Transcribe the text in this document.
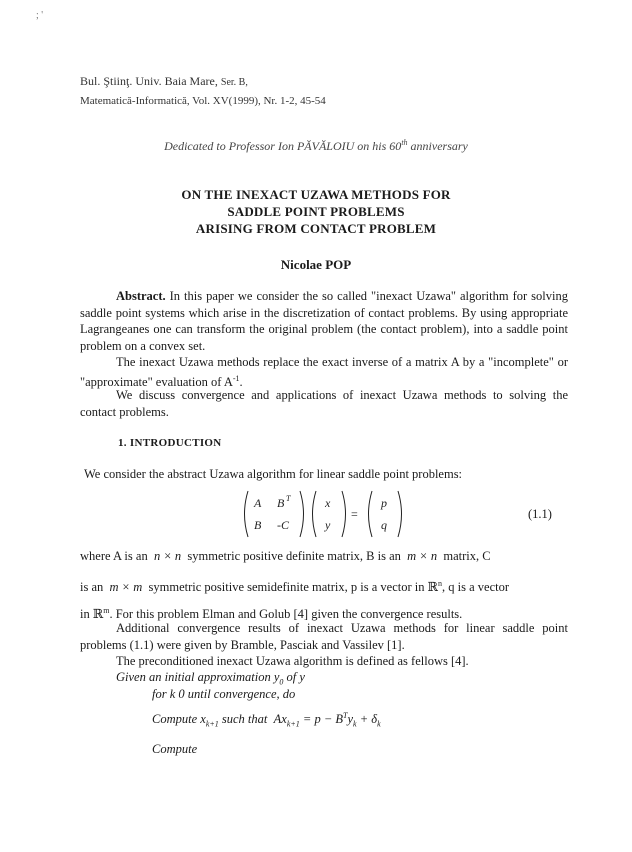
; '
Bul. Ştiinţ. Univ. Baia Mare, Ser. B,
Matematică-Informatică, Vol. XV(1999), Nr. 1-2, 45-54
Dedicated to Professor Ion PĂVĂLOIU on his 60th anniversary
ON THE INEXACT UZAWA METHODS FOR
SADDLE POINT PROBLEMS
ARISING FROM CONTACT PROBLEM
Nicolae POP
Abstract. In this paper we consider the so called "inexact Uzawa" algorithm for solving saddle point systems which arise in the discretization of contact problems. By using appropriate Lagrangeanes one can transform the original problem (the contact problem), into a saddle point problem on a convex set.
The inexact Uzawa methods replace the exact inverse of a matrix A by a "incomplete" or "approximate" evaluation of $A^{-1}$.
We discuss convergence and applications of inexact Uzawa methods to solving the contact problems.
1. INTRODUCTION
We consider the abstract Uzawa algorithm for linear saddle point problems:
A B T
B -C
x
y
=
p
q
(1.1)
where A is an n × n symmetric positive definite matrix, B is an m × n matrix, C
is an m × m symmetric positive semidefinite matrix, p is a vector in ℝ$^n$, q is a vector
in ℝ$^m$. For this problem Elman and Golub [4] given the convergence results.
Additional convergence results of inexact Uzawa methods for linear saddle point problems (1.1) were given by Bramble, Pasciak and Vassilev [1].
The preconditioned inexact Uzawa algorithm is defined as fellows [4].
Given an initial approximation $y_0$ of y
for k 0 until convergence, do
Compute $x_{k+1}$ such that  $Ax_{k+1} = p - B^Ty_k + \delta_k$
Compute
